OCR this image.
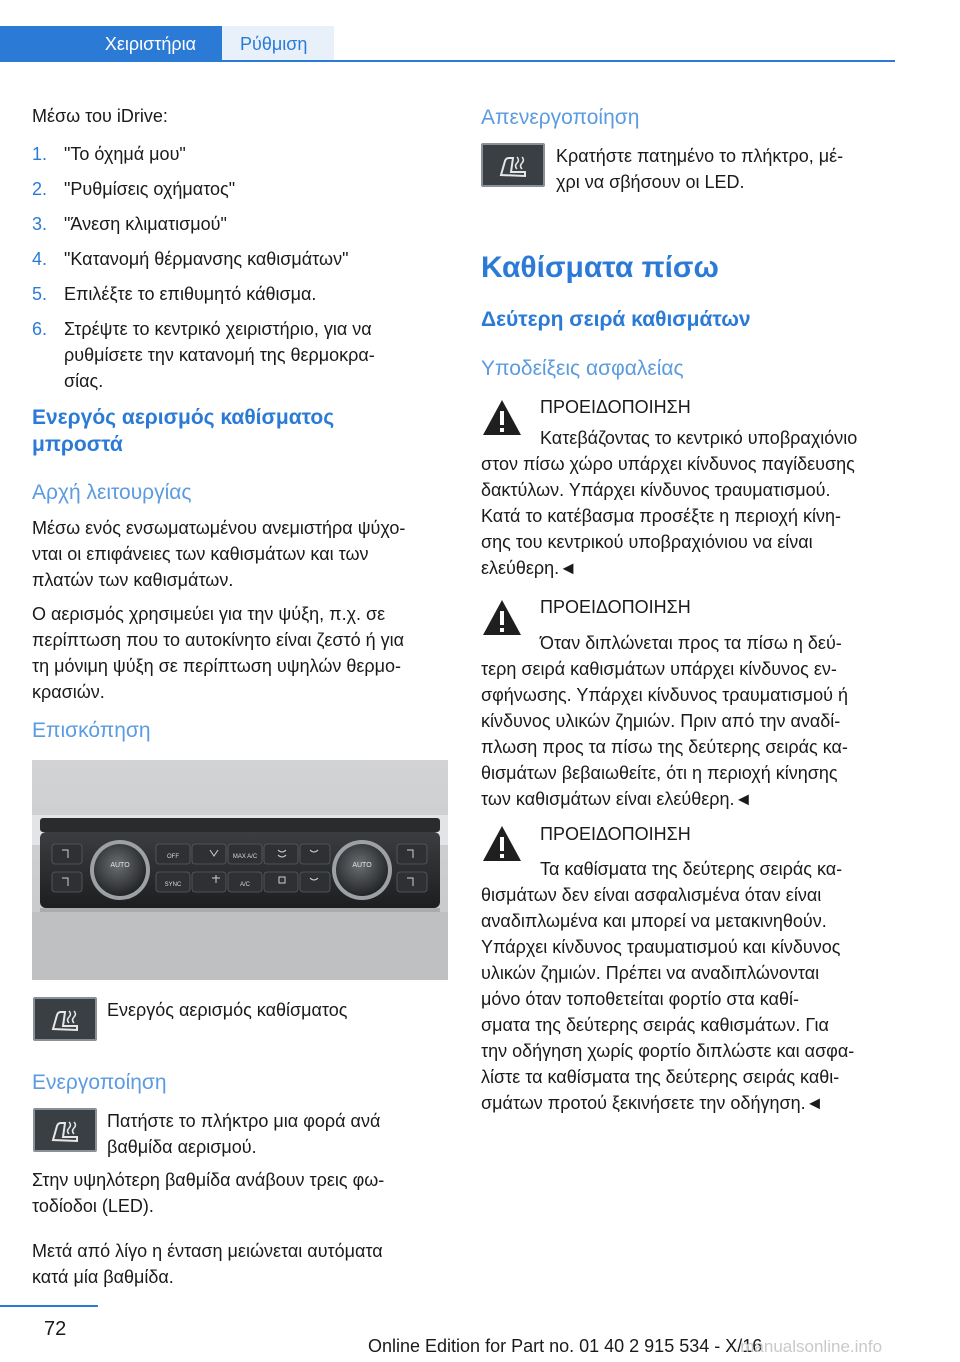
Χειριστήρια	Ρύθμιση
Μέσω του iDrive:
1. "Το όχημά μου"
2. "Ρυθμίσεις οχήματος"
3. "Άνεση κλιματισμού"
4. "Κατανομή θέρμανσης καθισμάτων"
5. Επιλέξτε το επιθυμητό κάθισμα.
6. Στρέψτε το κεντρικό χειριστήριο, για να
ρυθμίσετε την κατανομή της θερμοκρα‐
σίας.
Ενεργός αερισμός καθίσματος
μπροστά
Αρχή λειτουργίας
Μέσω ενός ενσωματωμένου ανεμιστήρα ψύχο‐
νται οι επιφάνειες των καθισμάτων και των
πλατών των καθισμάτων.
Ο αερισμός χρησιμεύει για την ψύξη, π.χ. σε
περίπτωση που το αυτοκίνητο είναι ζεστό ή για
τη μόνιμη ψύξη σε περίπτωση υψηλών θερμο‐
κρασιών.
Επισκόπηση
AUTO	AUTO
OFF	MAX A/C
SYNC	A/C
Ενεργός αερισμός καθίσματος
Ενεργοποίηση
Πατήστε το πλήκτρο μια φορά ανά
βαθμίδα αερισμού.
Στην υψηλότερη βαθμίδα ανάβουν τρεις φω‐
τοδίοδοι (LED).
Μετά από λίγο η ένταση μειώνεται αυτόματα
κατά μία βαθμίδα.
Απενεργοποίηση
Κρατήστε πατημένο το πλήκτρο, μέ‐
χρι να σβήσουν οι LED.
Καθίσματα πίσω
Δεύτερη σειρά καθισμάτων
Υποδείξεις ασφαλείας
ΠΡΟΕΙΔΟΠΟΙΗΣΗ
Κατεβάζοντας το κεντρικό υποβραχιόνιο
στον πίσω χώρο υπάρχει κίνδυνος παγίδευσης
δακτύλων. Υπάρχει κίνδυνος τραυματισμού.
Κατά το κατέβασμα προσέξτε η περιοχή κίνη‐
σης του κεντρικού υποβραχιόνιου να είναι
ελεύθερη.◄
ΠΡΟΕΙΔΟΠΟΙΗΣΗ
Όταν διπλώνεται προς τα πίσω η δεύ‐
τερη σειρά καθισμάτων υπάρχει κίνδυνος εν‐
σφήνωσης. Υπάρχει κίνδυνος τραυματισμού ή
κίνδυνος υλικών ζημιών. Πριν από την αναδί‐
πλωση προς τα πίσω της δεύτερης σειράς κα‐
θισμάτων βεβαιωθείτε, ότι η περιοχή κίνησης
των καθισμάτων είναι ελεύθερη.◄
ΠΡΟΕΙΔΟΠΟΙΗΣΗ
Τα καθίσματα της δεύτερης σειράς κα‐
θισμάτων δεν είναι ασφαλισμένα όταν είναι
αναδιπλωμένα και μπορεί να μετακινηθούν.
Υπάρχει κίνδυνος τραυματισμού και κίνδυνος
υλικών ζημιών. Πρέπει να αναδιπλώνονται
μόνο όταν τοποθετείται φορτίο στα καθί‐
σματα της δεύτερης σειράς καθισμάτων. Για
την οδήγηση χωρίς φορτίο διπλώστε και ασφα‐
λίστε τα καθίσματα της δεύτερης σειράς καθι‐
σμάτων προτού ξεκινήσετε την οδήγηση.◄
72
Online Edition for Part no. 01 40 2 915 534 - X/16manualsonline.info
